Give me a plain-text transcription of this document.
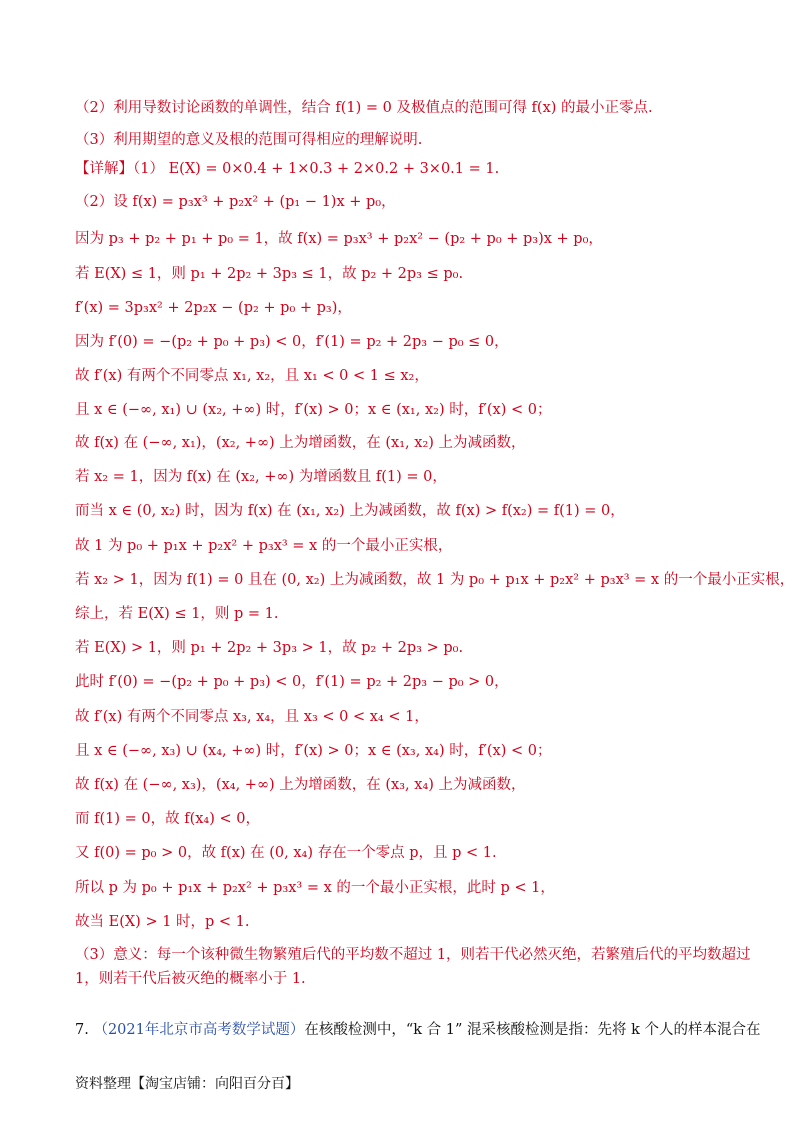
（2）利用导数讨论函数的单调性，结合 f(1) = 0 及极值点的范围可得 f(x) 的最小正零点.
（3）利用期望的意义及根的范围可得相应的理解说明.
【详解】（1） E(X) = 0×0.4 + 1×0.3 + 2×0.2 + 3×0.1 = 1.
（2）设 f(x) = p₃x³ + p₂x² + (p₁ − 1)x + p₀，
因为 p₃ + p₂ + p₁ + p₀ = 1，故 f(x) = p₃x³ + p₂x² − (p₂ + p₀ + p₃)x + p₀，
若 E(X) ≤ 1，则 p₁ + 2p₂ + 3p₃ ≤ 1，故 p₂ + 2p₃ ≤ p₀.
f′(x) = 3p₃x² + 2p₂x − (p₂ + p₀ + p₃)，
因为 f′(0) = −(p₂ + p₀ + p₃) < 0，f′(1) = p₂ + 2p₃ − p₀ ≤ 0，
故 f′(x) 有两个不同零点 x₁, x₂，且 x₁ < 0 < 1 ≤ x₂，
且 x ∈ (−∞, x₁) ∪ (x₂, +∞) 时，f′(x) > 0；x ∈ (x₁, x₂) 时，f′(x) < 0；
故 f(x) 在 (−∞, x₁)，(x₂, +∞) 上为增函数，在 (x₁, x₂) 上为减函数，
若 x₂ = 1，因为 f(x) 在 (x₂, +∞) 为增函数且 f(1) = 0，
而当 x ∈ (0, x₂) 时，因为 f(x) 在 (x₁, x₂) 上为减函数，故 f(x) > f(x₂) = f(1) = 0，
故 1 为 p₀ + p₁x + p₂x² + p₃x³ = x 的一个最小正实根，
若 x₂ > 1，因为 f(1) = 0 且在 (0, x₂) 上为减函数，故 1 为 p₀ + p₁x + p₂x² + p₃x³ = x 的一个最小正实根，
综上，若 E(X) ≤ 1，则 p = 1.
若 E(X) > 1，则 p₁ + 2p₂ + 3p₃ > 1，故 p₂ + 2p₃ > p₀.
此时 f′(0) = −(p₂ + p₀ + p₃) < 0，f′(1) = p₂ + 2p₃ − p₀ > 0，
故 f′(x) 有两个不同零点 x₃, x₄，且 x₃ < 0 < x₄ < 1，
且 x ∈ (−∞, x₃) ∪ (x₄, +∞) 时，f′(x) > 0；x ∈ (x₃, x₄) 时，f′(x) < 0；
故 f(x) 在 (−∞, x₃)，(x₄, +∞) 上为增函数，在 (x₃, x₄) 上为减函数，
而 f(1) = 0，故 f(x₄) < 0，
又 f(0) = p₀ > 0，故 f(x) 在 (0, x₄) 存在一个零点 p，且 p < 1.
所以 p 为 p₀ + p₁x + p₂x² + p₃x³ = x 的一个最小正实根，此时 p < 1，
故当 E(X) > 1 时，p < 1.
（3）意义：每一个该种微生物繁殖后代的平均数不超过 1，则若干代必然灭绝，若繁殖后代的平均数超过
1，则若干代后被灭绝的概率小于 1.
7. （2021年北京市高考数学试题）在核酸检测中，“k 合 1” 混采核酸检测是指：先将 k 个人的样本混合在
资料整理【淘宝店铺：向阳百分百】
